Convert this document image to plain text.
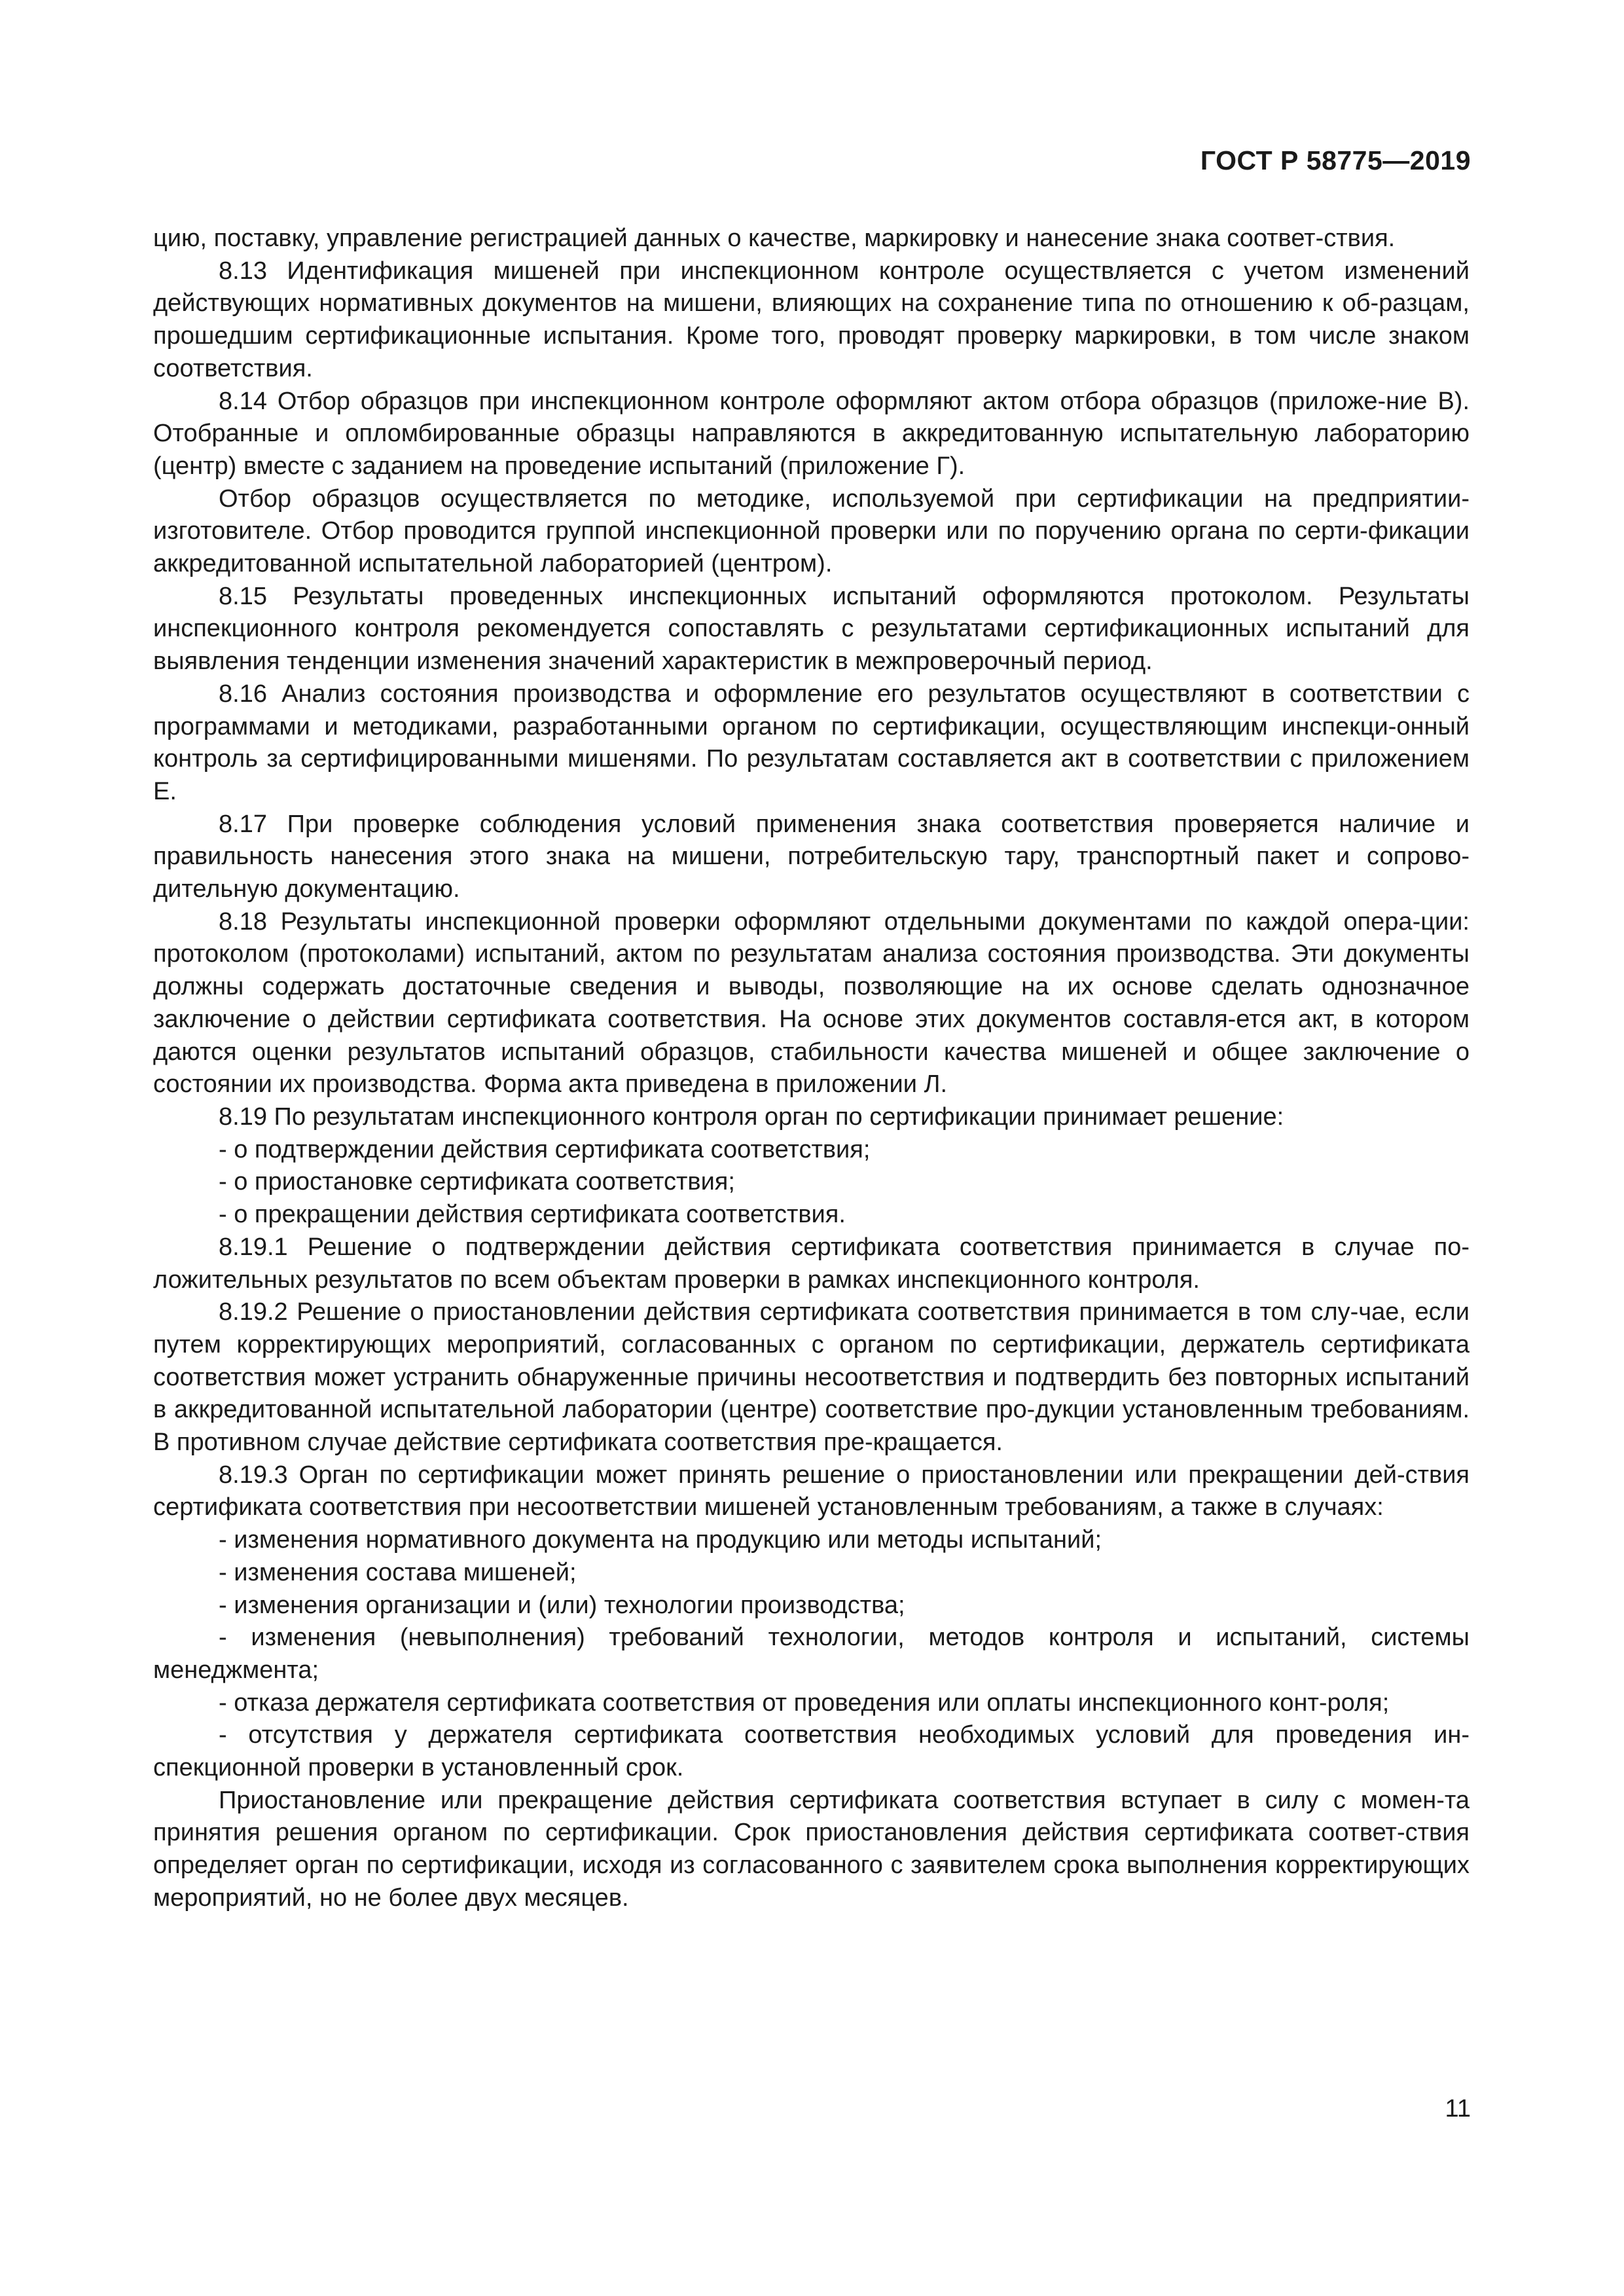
ГОСТ Р 58775—2019

цию, поставку, управление регистрацией данных о качестве, маркировку и нанесение знака соответ-ствия.

8.13 Идентификация мишеней при инспекционном контроле осуществляется с учетом изменений действующих нормативных документов на мишени, влияющих на сохранение типа по отношению к об-разцам, прошедшим сертификационные испытания. Кроме того, проводят проверку маркировки, в том числе знаком соответствия.

8.14 Отбор образцов при инспекционном контроле оформляют актом отбора образцов (приложе-ние В). Отобранные и опломбированные образцы направляются в аккредитованную испытательную лабораторию (центр) вместе с заданием на проведение испытаний (приложение Г).

Отбор образцов осуществляется по методике, используемой при сертификации на предприятии-изготовителе. Отбор проводится группой инспекционной проверки или по поручению органа по серти-фикации аккредитованной испытательной лабораторией (центром).

8.15 Результаты проведенных инспекционных испытаний оформляются протоколом. Результаты инспекционного контроля рекомендуется сопоставлять с результатами сертификационных испытаний для выявления тенденции изменения значений характеристик в межпроверочный период.

8.16 Анализ состояния производства и оформление его результатов осуществляют в соответствии с программами и методиками, разработанными органом по сертификации, осуществляющим инспекци-онный контроль за сертифицированными мишенями. По результатам составляется акт в соответствии с приложением Е.

8.17 При проверке соблюдения условий применения знака соответствия проверяется наличие и правильность нанесения этого знака на мишени, потребительскую тару, транспортный пакет и сопрово-дительную документацию.

8.18 Результаты инспекционной проверки оформляют отдельными документами по каждой опера-ции: протоколом (протоколами) испытаний, актом по результатам анализа состояния производства. Эти документы должны содержать достаточные сведения и выводы, позволяющие на их основе сделать однозначное заключение о действии сертификата соответствия. На основе этих документов составля-ется акт, в котором даются оценки результатов испытаний образцов, стабильности качества мишеней и общее заключение о состоянии их производства. Форма акта приведена в приложении Л.

8.19 По результатам инспекционного контроля орган по сертификации принимает решение:

- о подтверждении действия сертификата соответствия;

- о приостановке сертификата соответствия;

- о прекращении действия сертификата соответствия.

8.19.1 Решение о подтверждении действия сертификата соответствия принимается в случае по-ложительных результатов по всем объектам проверки в рамках инспекционного контроля.

8.19.2 Решение о приостановлении действия сертификата соответствия принимается в том слу-чае, если путем корректирующих мероприятий, согласованных с органом по сертификации, держатель сертификата соответствия может устранить обнаруженные причины несоответствия и подтвердить без повторных испытаний в аккредитованной испытательной лаборатории (центре) соответствие про-дукции установленным требованиям. В противном случае действие сертификата соответствия пре-кращается.

8.19.3 Орган по сертификации может принять решение о приостановлении или прекращении дей-ствия сертификата соответствия при несоответствии мишеней установленным требованиям, а также в случаях:

- изменения нормативного документа на продукцию или методы испытаний;

- изменения состава мишеней;

- изменения организации и (или) технологии производства;

- изменения (невыполнения) требований технологии, методов контроля и испытаний, системы менеджмента;

- отказа держателя сертификата соответствия от проведения или оплаты инспекционного конт-роля;

- отсутствия у держателя сертификата соответствия необходимых условий для проведения ин-спекционной проверки в установленный срок.

Приостановление или прекращение действия сертификата соответствия вступает в силу с момен-та принятия решения органом по сертификации. Срок приостановления действия сертификата соответ-ствия определяет орган по сертификации, исходя из согласованного с заявителем срока выполнения корректирующих мероприятий, но не более двух месяцев.

11
